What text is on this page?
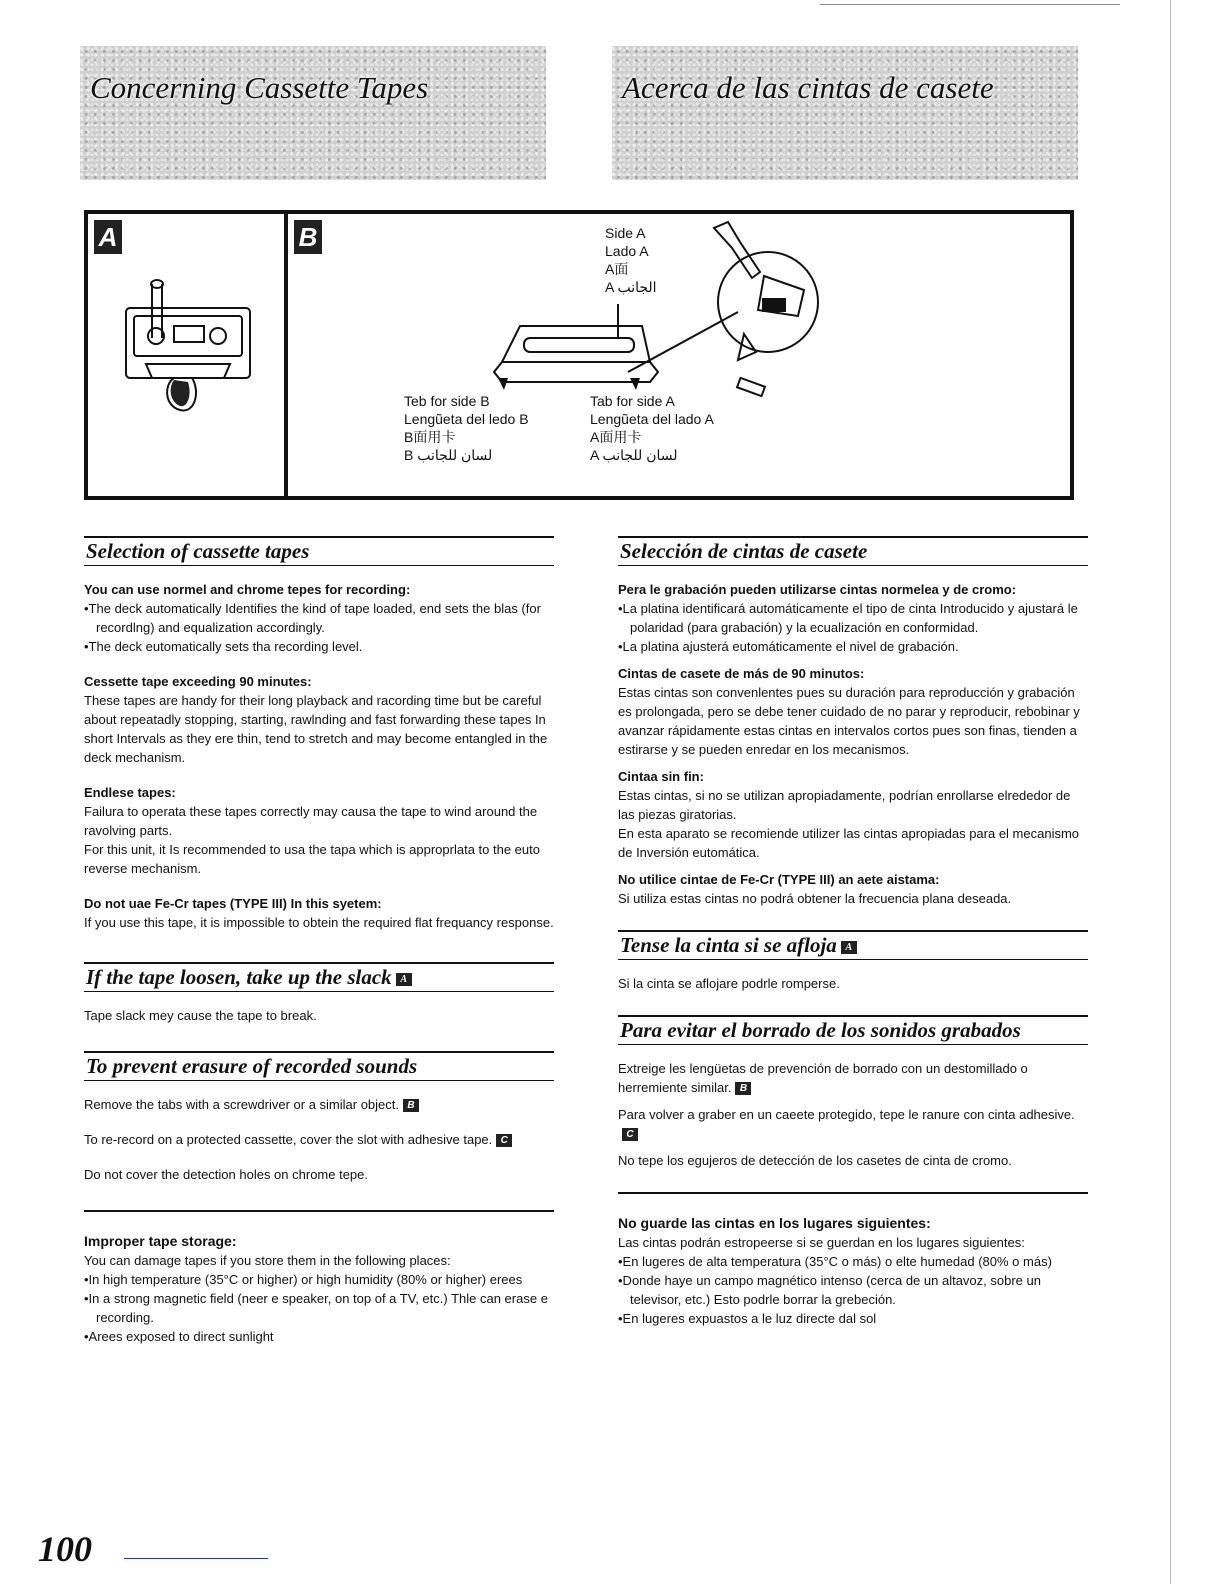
Concerning Cassette Tapes	Acerca de las cintas de casete
A	B	Side A
Lado A
A面
A الجانب
Teb for side B
Lengũeta del ledo B
B面用卡
B لسان للجانب
Tab for side A
Lengũeta del lado A
A面用卡
A لسان للجانب
Selection of cassette tapes

You can use normel and chrome tepes for recording:

•The deck automatically Identifies the kind of tape loaded, end sets the blas (for recordlng) and equalization accordingly.

•The deck eutomatically sets tha recording level.

Cessette tape exceeding 90 minutes:

These tapes are handy for their long playback and racording time but be careful about repeatadly stopping, starting, rawlnding and fast forwarding these tapes In short Intervals as they ere thin, tend to stretch and may become entangled in the deck mechanism.

Endlese tapes:

Failura to operata these tapes correctly may causa the tape to wind around the ravolving parts.

For this unit, it Is recommended to usa the tapa which is approprlata to the euto reverse mechanism.

Do not uae Fe-Cr tapes (TYPE III) In this syetem:

If you use this tape, it is impossible to obtein the required flat frequancy response.

If the tape loosen, take up the slack A

Tape slack mey cause the tape to break.

To prevent erasure of recorded sounds

Remove the tabs with a screwdriver or a similar object. B

To re-record on a protected cassette, cover the slot with adhesive tape. C

Do not cover the detection holes on chrome tepe.

Improper tape storage:

You can damage tapes if you store them in the following places:

•In high temperature (35°C or higher) or high humidity (80% or higher) erees

•In a strong magnetic field (neer e speaker, on top of a TV, etc.) Thle can erase e recording.

•Arees exposed to direct sunlight

Selección de cintas de casete

Pera le grabación pueden utilizarse cintas normelea y de cromo:

•La platina identificará automáticamente el tipo de cinta Introducido y ajustará le polaridad (para grabación) y la ecualización en conformidad.

•La platina ajusterá eutomáticamente el nivel de grabación.

Cintas de casete de más de 90 minutos:

Estas cintas son convenlentes pues su duración para reproducción y grabación es prolongada, pero se debe tener cuidado de no parar y reproducir, rebobinar y avanzar rápidamente estas cintas en intervalos cortos pues son finas, tienden a estirarse y se pueden enredar en los mecanismos.

Cintaa sin fin:

Estas cintas, si no se utilizan apropiadamente, podrían enrollarse elrededor de las piezas giratorias.

En esta aparato se recomiende utilizer las cintas apropiadas para el mecanismo de Inversión eutomática.

No utilice cintae de Fe-Cr (TYPE III) an aete aistama:

Si utiliza estas cintas no podrá obtener la frecuencia plana deseada.

Tense la cinta si se afloja A

Si la cinta se aflojare podrle romperse.

Para evitar el borrado de los sonidos grabados

Extreige les lengüetas de prevención de borrado con un destomillado o herremiente similar. B

Para volver a graber en un caeete protegido, tepe le ranure con cinta adhesive.C

No tepe los egujeros de detección de los casetes de cinta de cromo.

No guarde las cintas en los lugares siguientes:

Las cintas podrán estropeerse si se guerdan en los lugares siguientes:

•En lugeres de alta temperatura (35°C o más) o elte humedad (80% o más)

•Donde haye un campo magnético intenso (cerca de un altavoz, sobre un televisor, etc.) Esto podrle borrar la grebeción.

•En lugeres expuastos a le luz directe dal sol

100
